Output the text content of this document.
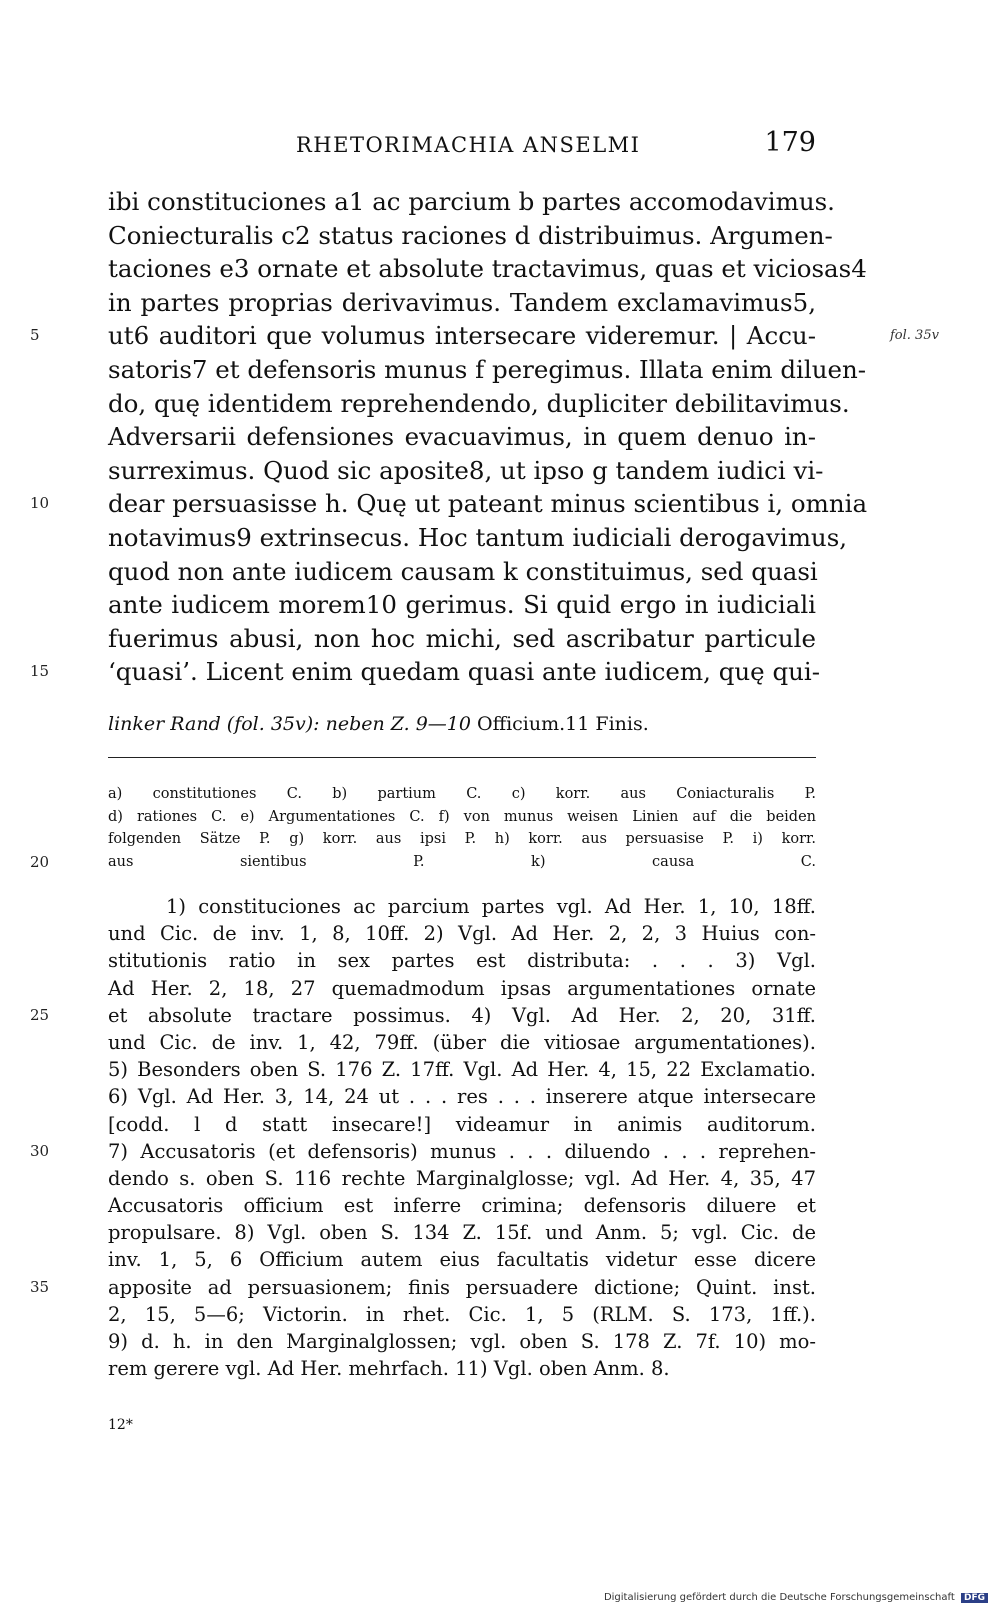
RHETORIMACHIA ANSELMI	179
ibi constituciones a1 ac parcium b partes accomodavimus.
Coniecturalis c2 status raciones d distribuimus. Argumen-
taciones e3 ornate et absolute tractavimus, quas et viciosas4
in partes proprias derivavimus. Tandem exclamavimus5,
5	ut6 auditori que volumus intersecare videremur. | Accu-	fol. 35v
satoris7 et defensoris munus f peregimus. Illata enim diluen-
do, quę identidem reprehendendo, dupliciter debilitavimus.
Adversarii defensiones evacuavimus, in quem denuo in-
surreximus. Quod sic aposite8, ut ipso g tandem iudici vi-
10 dear persuasisse h. Quę ut pateant minus scientibus i, omnia
notavimus9 extrinsecus. Hoc tantum iudiciali derogavimus,
quod non ante iudicem causam k constituimus, sed quasi
ante iudicem morem10 gerimus. Si quid ergo in iudiciali
fuerimus abusi, non hoc michi, sed ascribatur particule
15 ‘quasi’. Licent enim quedam quasi ante iudicem, quę qui-
linker Rand (fol. 35v): neben Z. 9—10 Officium.11 Finis.
a) constitutiones C. b) partium C. c) korr. aus Coniacturalis P.
d) rationes C. e) Argumentationes C. f) von munus weisen Linien auf die beiden
folgenden Sätze P. g) korr. aus ipsi P. h) korr. aus persuasise P. i) korr.
20	aus sientibus P. k) causa C.
1) constituciones ac parcium partes vgl. Ad Her. 1, 10, 18ff.
und Cic. de inv. 1, 8, 10ff. 2) Vgl. Ad Her. 2, 2, 3 Huius con-
stitutionis ratio in sex partes est distributa: . . . 3) Vgl.
Ad Her. 2, 18, 27 quemadmodum ipsas argumentationes ornate
25	et absolute tractare possimus. 4) Vgl. Ad Her. 2, 20, 31ff.
und Cic. de inv. 1, 42, 79ff. (über die vitiosae argumentationes).
5) Besonders oben S. 176 Z. 17ff. Vgl. Ad Her. 4, 15, 22 Exclamatio.
6) Vgl. Ad Her. 3, 14, 24 ut . . . res . . . inserere atque intersecare
[codd. l d statt insecare!] videamur in animis auditorum.
30	7) Accusatoris (et defensoris) munus . . . diluendo . . . reprehen-
dendo s. oben S. 116 rechte Marginalglosse; vgl. Ad Her. 4, 35, 47
Accusatoris officium est inferre crimina; defensoris diluere et
propulsare. 8) Vgl. oben S. 134 Z. 15f. und Anm. 5; vgl. Cic. de
inv. 1, 5, 6 Officium autem eius facultatis videtur esse dicere
35	apposite ad persuasionem; finis persuadere dictione; Quint. inst.
2, 15, 5—6; Victorin. in rhet. Cic. 1, 5 (RLM. S. 173, 1ff.).
9) d. h. in den Marginalglossen; vgl. oben S. 178 Z. 7f. 10) mo-
rem gerere vgl. Ad Her. mehrfach. 11) Vgl. oben Anm. 8.
12*
Digitalisierung gefördert durch die Deutsche Forschungsgemeinschaft DFG
